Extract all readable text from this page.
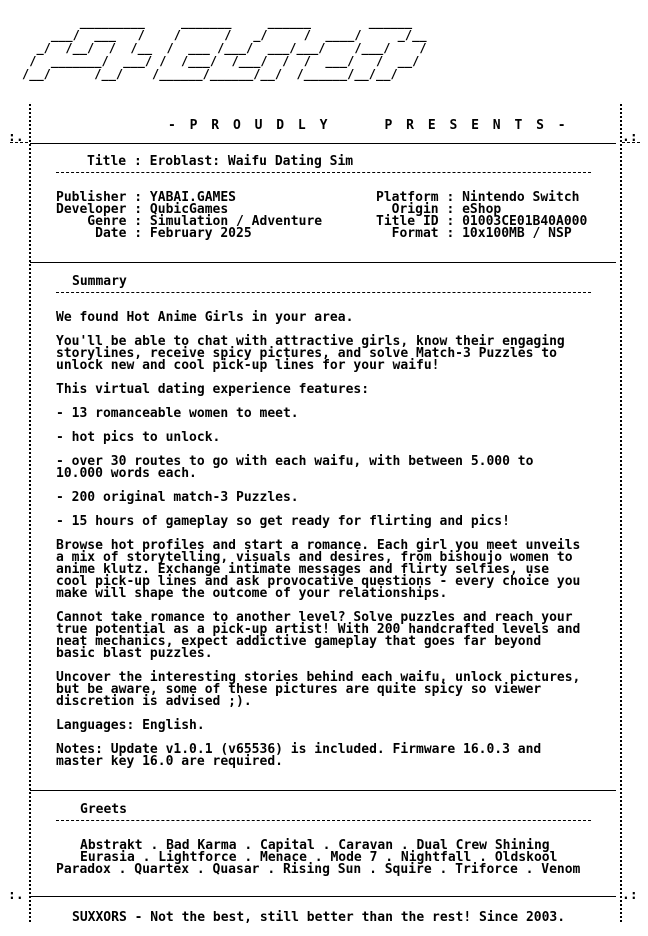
_________     _______     ______        ______
___/  ___   /    /      /   _/     /  ____/     _/__
_/  /__/  /  /__  /  ___ /___/  ___/___/    /___/    /
/  _______/  ___/ /  /___/  /___/  /  /  ___/   /  __/
/__/      /__/    /______/______/__/  /______/__/__/
:.	.:
:.	.:
- P R O U D L Y     P R E S E N T S -
Title : Eroblast: Waifu Dating Sim
Publisher : YABAI.GAMES
Developer : QubicGames
Genre : Simulation / Adventure
Date : February 2025
Platform : Nintendo Switch
Origin : eShop
Title ID : 01003CE01B40A000
Format : 10x100MB / NSP
Summary
We found Hot Anime Girls in your area.
You'll be able to chat with attractive girls, know their engaging
storylines, receive spicy pictures, and solve Match-3 Puzzles to
unlock new and cool pick-up lines for your waifu!
This virtual dating experience features:
- 13 romanceable women to meet.
- hot pics to unlock.
- over 30 routes to go with each waifu, with between 5.000 to
10.000 words each.
- 200 original match-3 Puzzles.
- 15 hours of gameplay so get ready for flirting and pics!
Browse hot profiles and start a romance. Each girl you meet unveils
a mix of storytelling, visuals and desires, from bishoujo women to
anime klutz. Exchange intimate messages and flirty selfies, use
cool pick-up lines and ask provocative questions - every choice you
make will shape the outcome of your relationships.
Cannot take romance to another level? Solve puzzles and reach your
true potential as a pick-up artist! With 200 handcrafted levels and
neat mechanics, expect addictive gameplay that goes far beyond
basic blast puzzles.
Uncover the interesting stories behind each waifu, unlock pictures,
but be aware, some of these pictures are quite spicy so viewer
discretion is advised ;).
Languages: English.
Notes: Update v1.0.1 (v65536) is included. Firmware 16.0.3 and
master key 16.0 are required.
Greets
Abstrakt . Bad Karma . Capital . Caravan . Dual Crew Shining
Eurasia . Lightforce . Menace . Mode 7 . Nightfall . Oldskool
Paradox . Quartex . Quasar . Rising Sun . Squire . Triforce . Venom
SUXXORS - Not the best, still better than the rest! Since 2003.
